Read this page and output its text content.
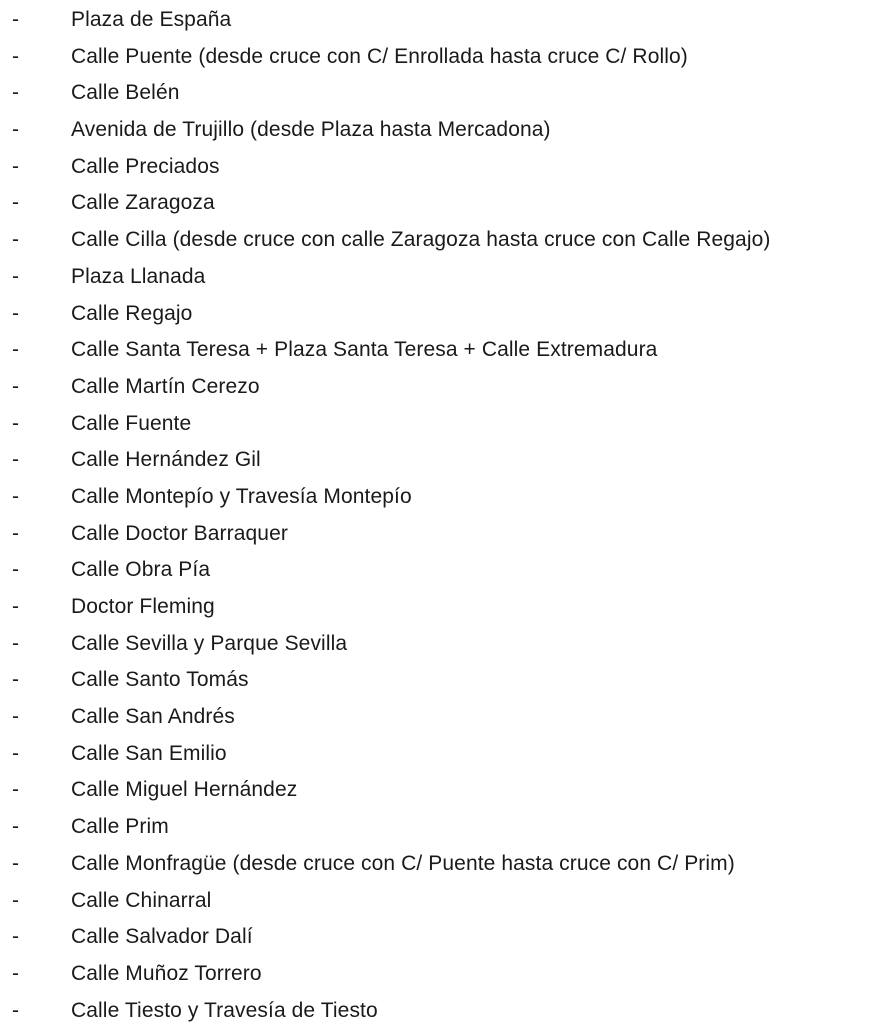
- Plaza de España
- Calle Puente (desde cruce con C/ Enrollada hasta cruce C/ Rollo)
- Calle Belén
- Avenida de Trujillo (desde Plaza hasta Mercadona)
- Calle Preciados
- Calle Zaragoza
- Calle Cilla (desde cruce con calle Zaragoza hasta cruce con Calle Regajo)
- Plaza Llanada
- Calle Regajo
- Calle Santa Teresa + Plaza Santa Teresa + Calle Extremadura
- Calle Martín Cerezo
- Calle Fuente
- Calle Hernández Gil
- Calle Montepío y Travesía Montepío
- Calle Doctor Barraquer
- Calle Obra Pía
- Doctor Fleming
- Calle Sevilla y Parque Sevilla
- Calle Santo Tomás
- Calle San Andrés
- Calle San Emilio
- Calle Miguel Hernández
- Calle Prim
- Calle Monfragüe (desde cruce con C/ Puente hasta cruce con C/ Prim)
- Calle Chinarral
- Calle Salvador Dalí
- Calle Muñoz Torrero
- Calle Tiesto y Travesía de Tiesto
